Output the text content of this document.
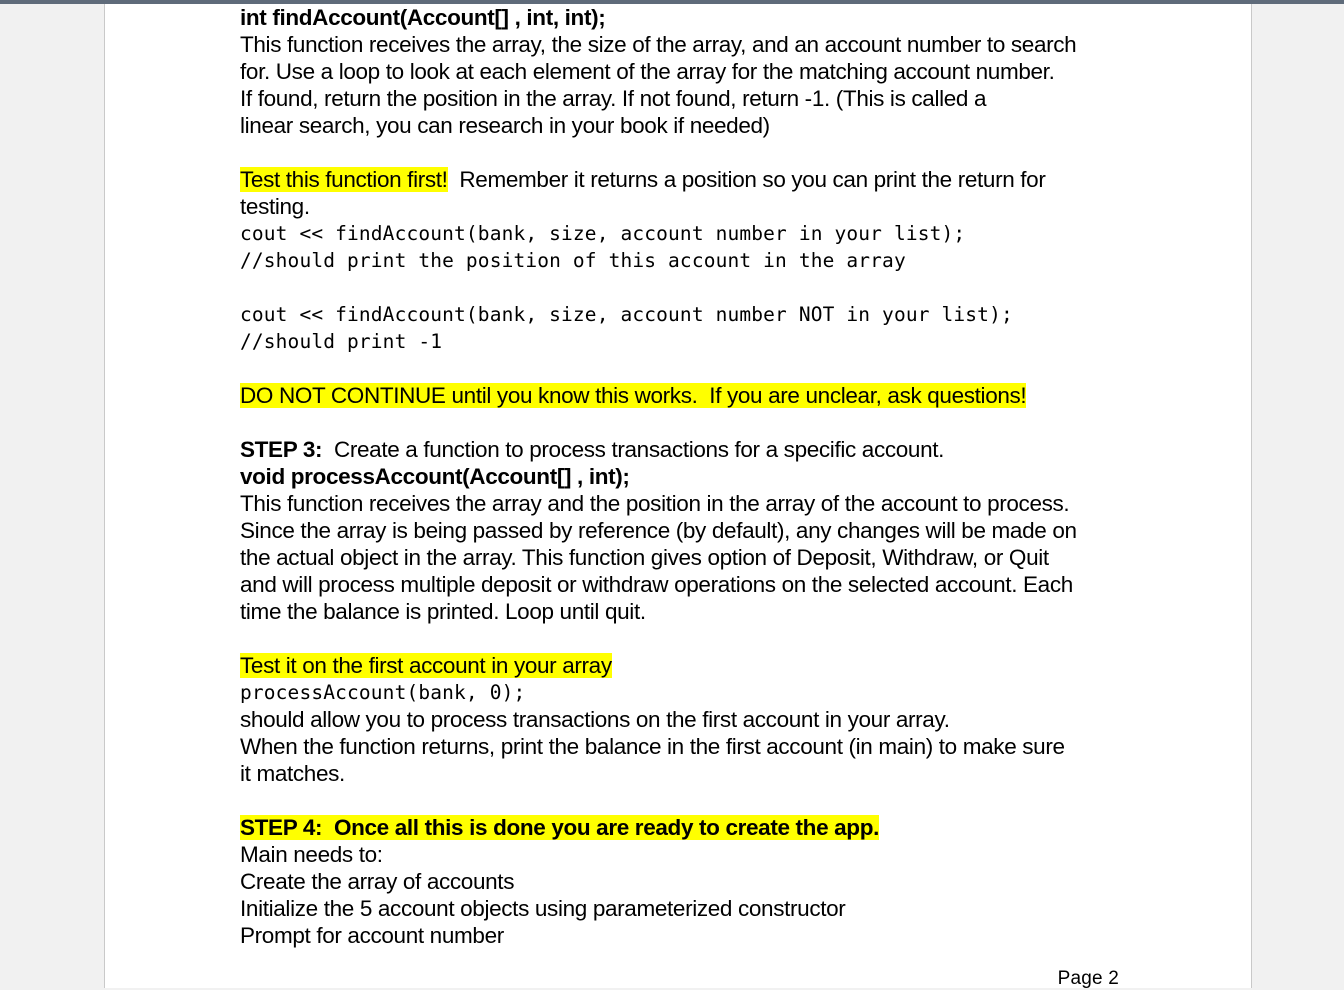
int findAccount(Account[] , int, int);

This function receives the array, the size of the array, and an account number to search

for. Use a loop to look at each element of the array for the matching account number.

If found, return the position in the array. If not found, return -1. (This is called a

linear search, you can research in your book if needed)

Test this function first!  Remember it returns a position so you can print the return for

testing.

cout << findAccount(bank, size, account number in your list);

//should print the position of this account in the array

cout << findAccount(bank, size, account number NOT in your list);

//should print -1

DO NOT CONTINUE until you know this works.  If you are unclear, ask questions!

STEP 3:  Create a function to process transactions for a specific account.

void processAccount(Account[] , int);

This function receives the array and the position in the array of the account to process.

Since the array is being passed by reference (by default), any changes will be made on

the actual object in the array. This function gives option of Deposit, Withdraw, or Quit

and will process multiple deposit or withdraw operations on the selected account. Each

time the balance is printed. Loop until quit.

Test it on the first account in your array

processAccount(bank, 0);

should allow you to process transactions on the first account in your array.

When the function returns, print the balance in the first account (in main) to make sure

it matches.

STEP 4:  Once all this is done you are ready to create the app.

Main needs to:

Create the array of accounts

Initialize the 5 account objects using parameterized constructor

Prompt for account number

Page 2
